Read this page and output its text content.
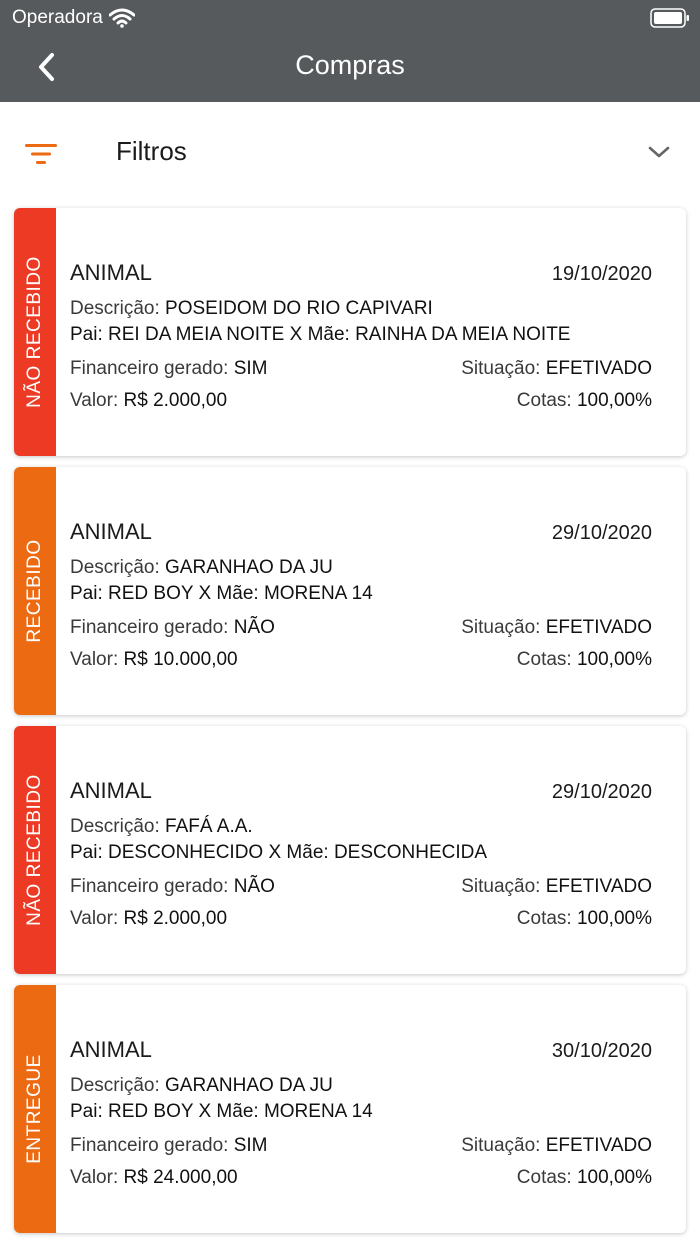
Operadora
Compras
Filtros
NÃO RECEBIDO ANIMAL	19/10/2020
Descrição: POSEIDOM DO RIO CAPIVARI
Pai: REI DA MEIA NOITE X Mãe: RAINHA DA MEIA NOITE
Financeiro gerado: SIM	Situação: EFETIVADO
Valor: R$ 2.000,00	Cotas: 100,00%
RECEBIDO
ANIMAL	29/10/2020
Descrição: GARANHAO DA JU
Pai: RED BOY X Mãe: MORENA 14
Financeiro gerado: NÃO	Situação: EFETIVADO
Valor: R$ 10.000,00	Cotas: 100,00%
NÃO RECEBIDO ANIMAL	29/10/2020
Descrição: FAFÁ A.A.
Pai: DESCONHECIDO X Mãe: DESCONHECIDA
Financeiro gerado: NÃO	Situação: EFETIVADO
Valor: R$ 2.000,00	Cotas: 100,00%
ENTREGUE
ANIMAL	30/10/2020
Descrição: GARANHAO DA JU
Pai: RED BOY X Mãe: MORENA 14
Financeiro gerado: SIM	Situação: EFETIVADO
Valor: R$ 24.000,00	Cotas: 100,00%
